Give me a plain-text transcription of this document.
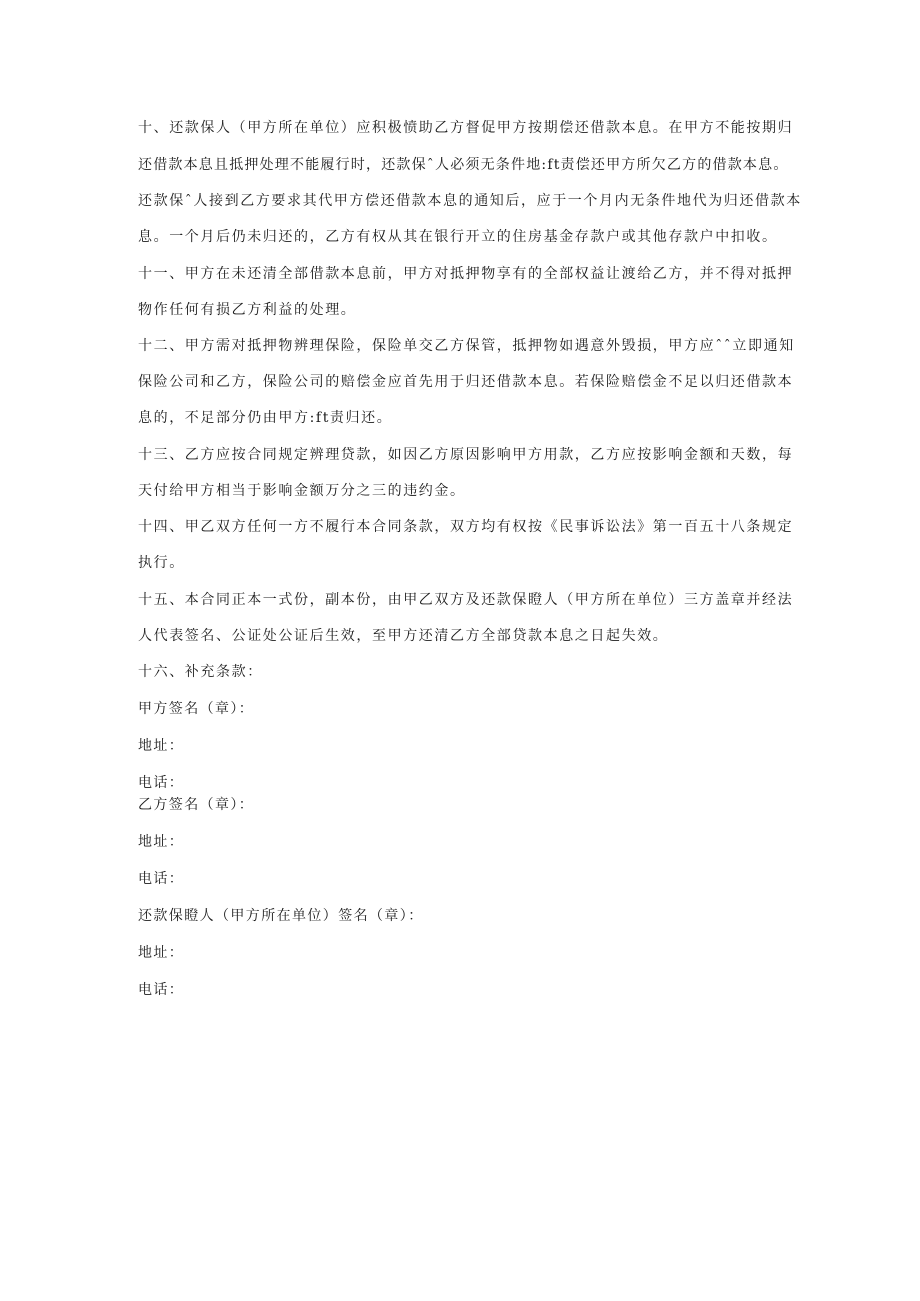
十、还款保人（甲方所在单位）应积极愤助乙方督促甲方按期偿还借款本息。在甲方不能按期归
还借款本息且抵押处理不能履行时，还款保ˆ人必须无条件地:ft责偿还甲方所欠乙方的借款本息。
还款保ˆ人接到乙方要求其代甲方偿还借款本息的通知后，应于一个月内无条件地代为归还借款本
息。一个月后仍未归还的，乙方有权从其在银行开立的住房基金存款户或其他存款户中扣收。
十一、甲方在未还清全部借款本息前，甲方对抵押物享有的全部权益让渡给乙方，并不得对抵押
物作任何有损乙方利益的处理。
十二、甲方需对抵押物辨理保险，保险单交乙方保管，抵押物如遇意外毁损，甲方应ˆˆ立即通知
保险公司和乙方，保险公司的赔偿金应首先用于归还借款本息。若保险赔偿金不足以归还借款本
息的，不足部分仍由甲方:ft责归还。
十三、乙方应按合同规定辨理贷款，如因乙方原因影响甲方用款，乙方应按影响金额和天数，每
天付给甲方相当于影响金额万分之三的违约金。
十四、甲乙双方任何一方不履行本合同条款，双方均有权按《民事诉讼法》第一百五十八条规定
执行。
十五、本合同正本一式份，副本份，由甲乙双方及还款保瞪人（甲方所在单位）三方盖章并经法
人代表签名、公证处公证后生效，至甲方还清乙方全部贷款本息之日起失效。
十六、补充条款：
甲方签名（章）：
地址：
电话：
乙方签名（章）：
地址：
电话：
还款保瞪人（甲方所在单位）签名（章）：
地址：
电话：
